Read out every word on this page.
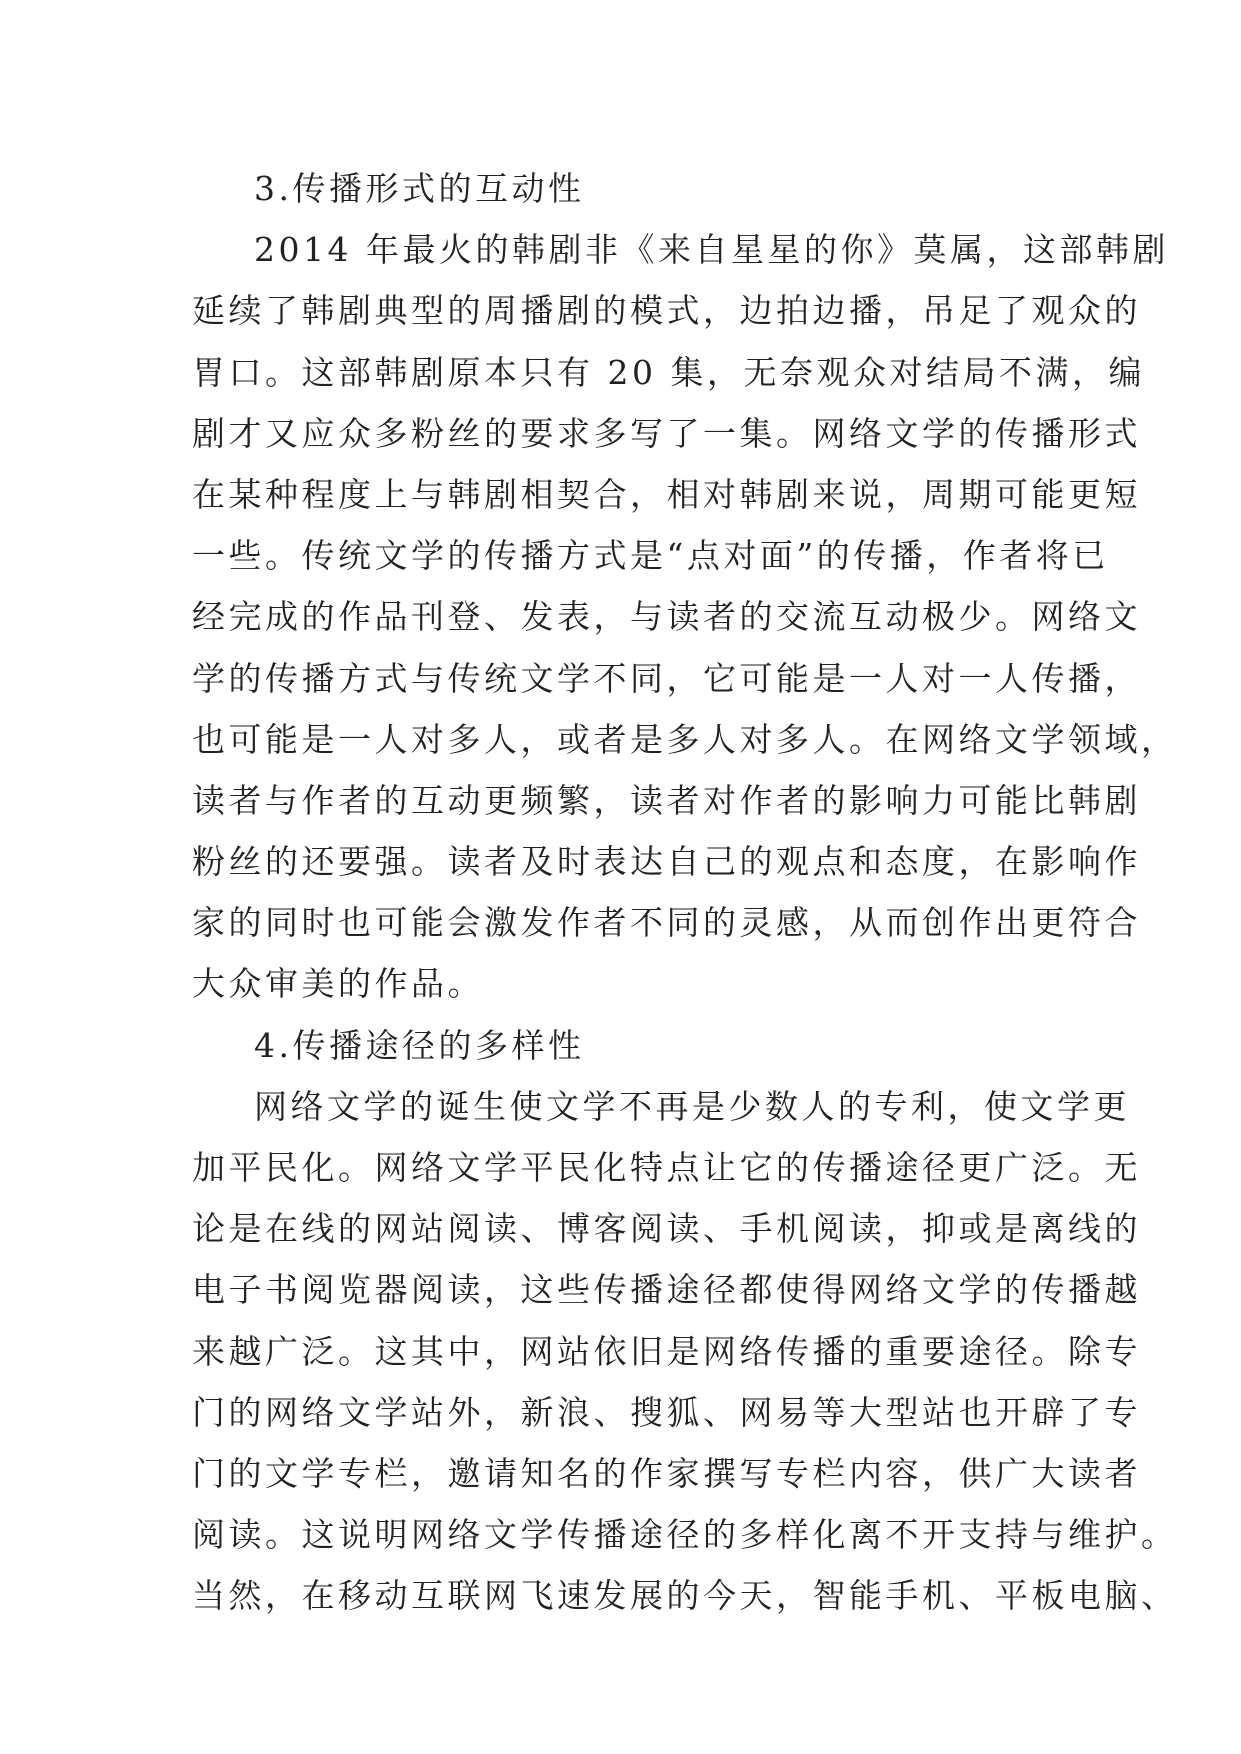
3.传播形式的互动性
2014 年最火的韩剧非《来自星星的你》莫属，这部韩剧
延续了韩剧典型的周播剧的模式，边拍边播，吊足了观众的
胃口。这部韩剧原本只有 20 集，无奈观众对结局不满，编
剧才又应众多粉丝的要求多写了一集。网络文学的传播形式
在某种程度上与韩剧相契合，相对韩剧来说，周期可能更短
一些。传统文学的传播方式是“点对面”的传播，作者将已
经完成的作品刊登、发表，与读者的交流互动极少。网络文
学的传播方式与传统文学不同，它可能是一人对一人传播，
也可能是一人对多人，或者是多人对多人。在网络文学领域，
读者与作者的互动更频繁，读者对作者的影响力可能比韩剧
粉丝的还要强。读者及时表达自己的观点和态度，在影响作
家的同时也可能会激发作者不同的灵感，从而创作出更符合
大众审美的作品。
4.传播途径的多样性
网络文学的诞生使文学不再是少数人的专利，使文学更
加平民化。网络文学平民化特点让它的传播途径更广泛。无
论是在线的网站阅读、博客阅读、手机阅读，抑或是离线的
电子书阅览器阅读，这些传播途径都使得网络文学的传播越
来越广泛。这其中，网站依旧是网络传播的重要途径。除专
门的网络文学站外，新浪、搜狐、网易等大型站也开辟了专
门的文学专栏，邀请知名的作家撰写专栏内容，供广大读者
阅读。这说明网络文学传播途径的多样化离不开支持与维护。
当然，在移动互联网飞速发展的今天，智能手机、平板电脑、
